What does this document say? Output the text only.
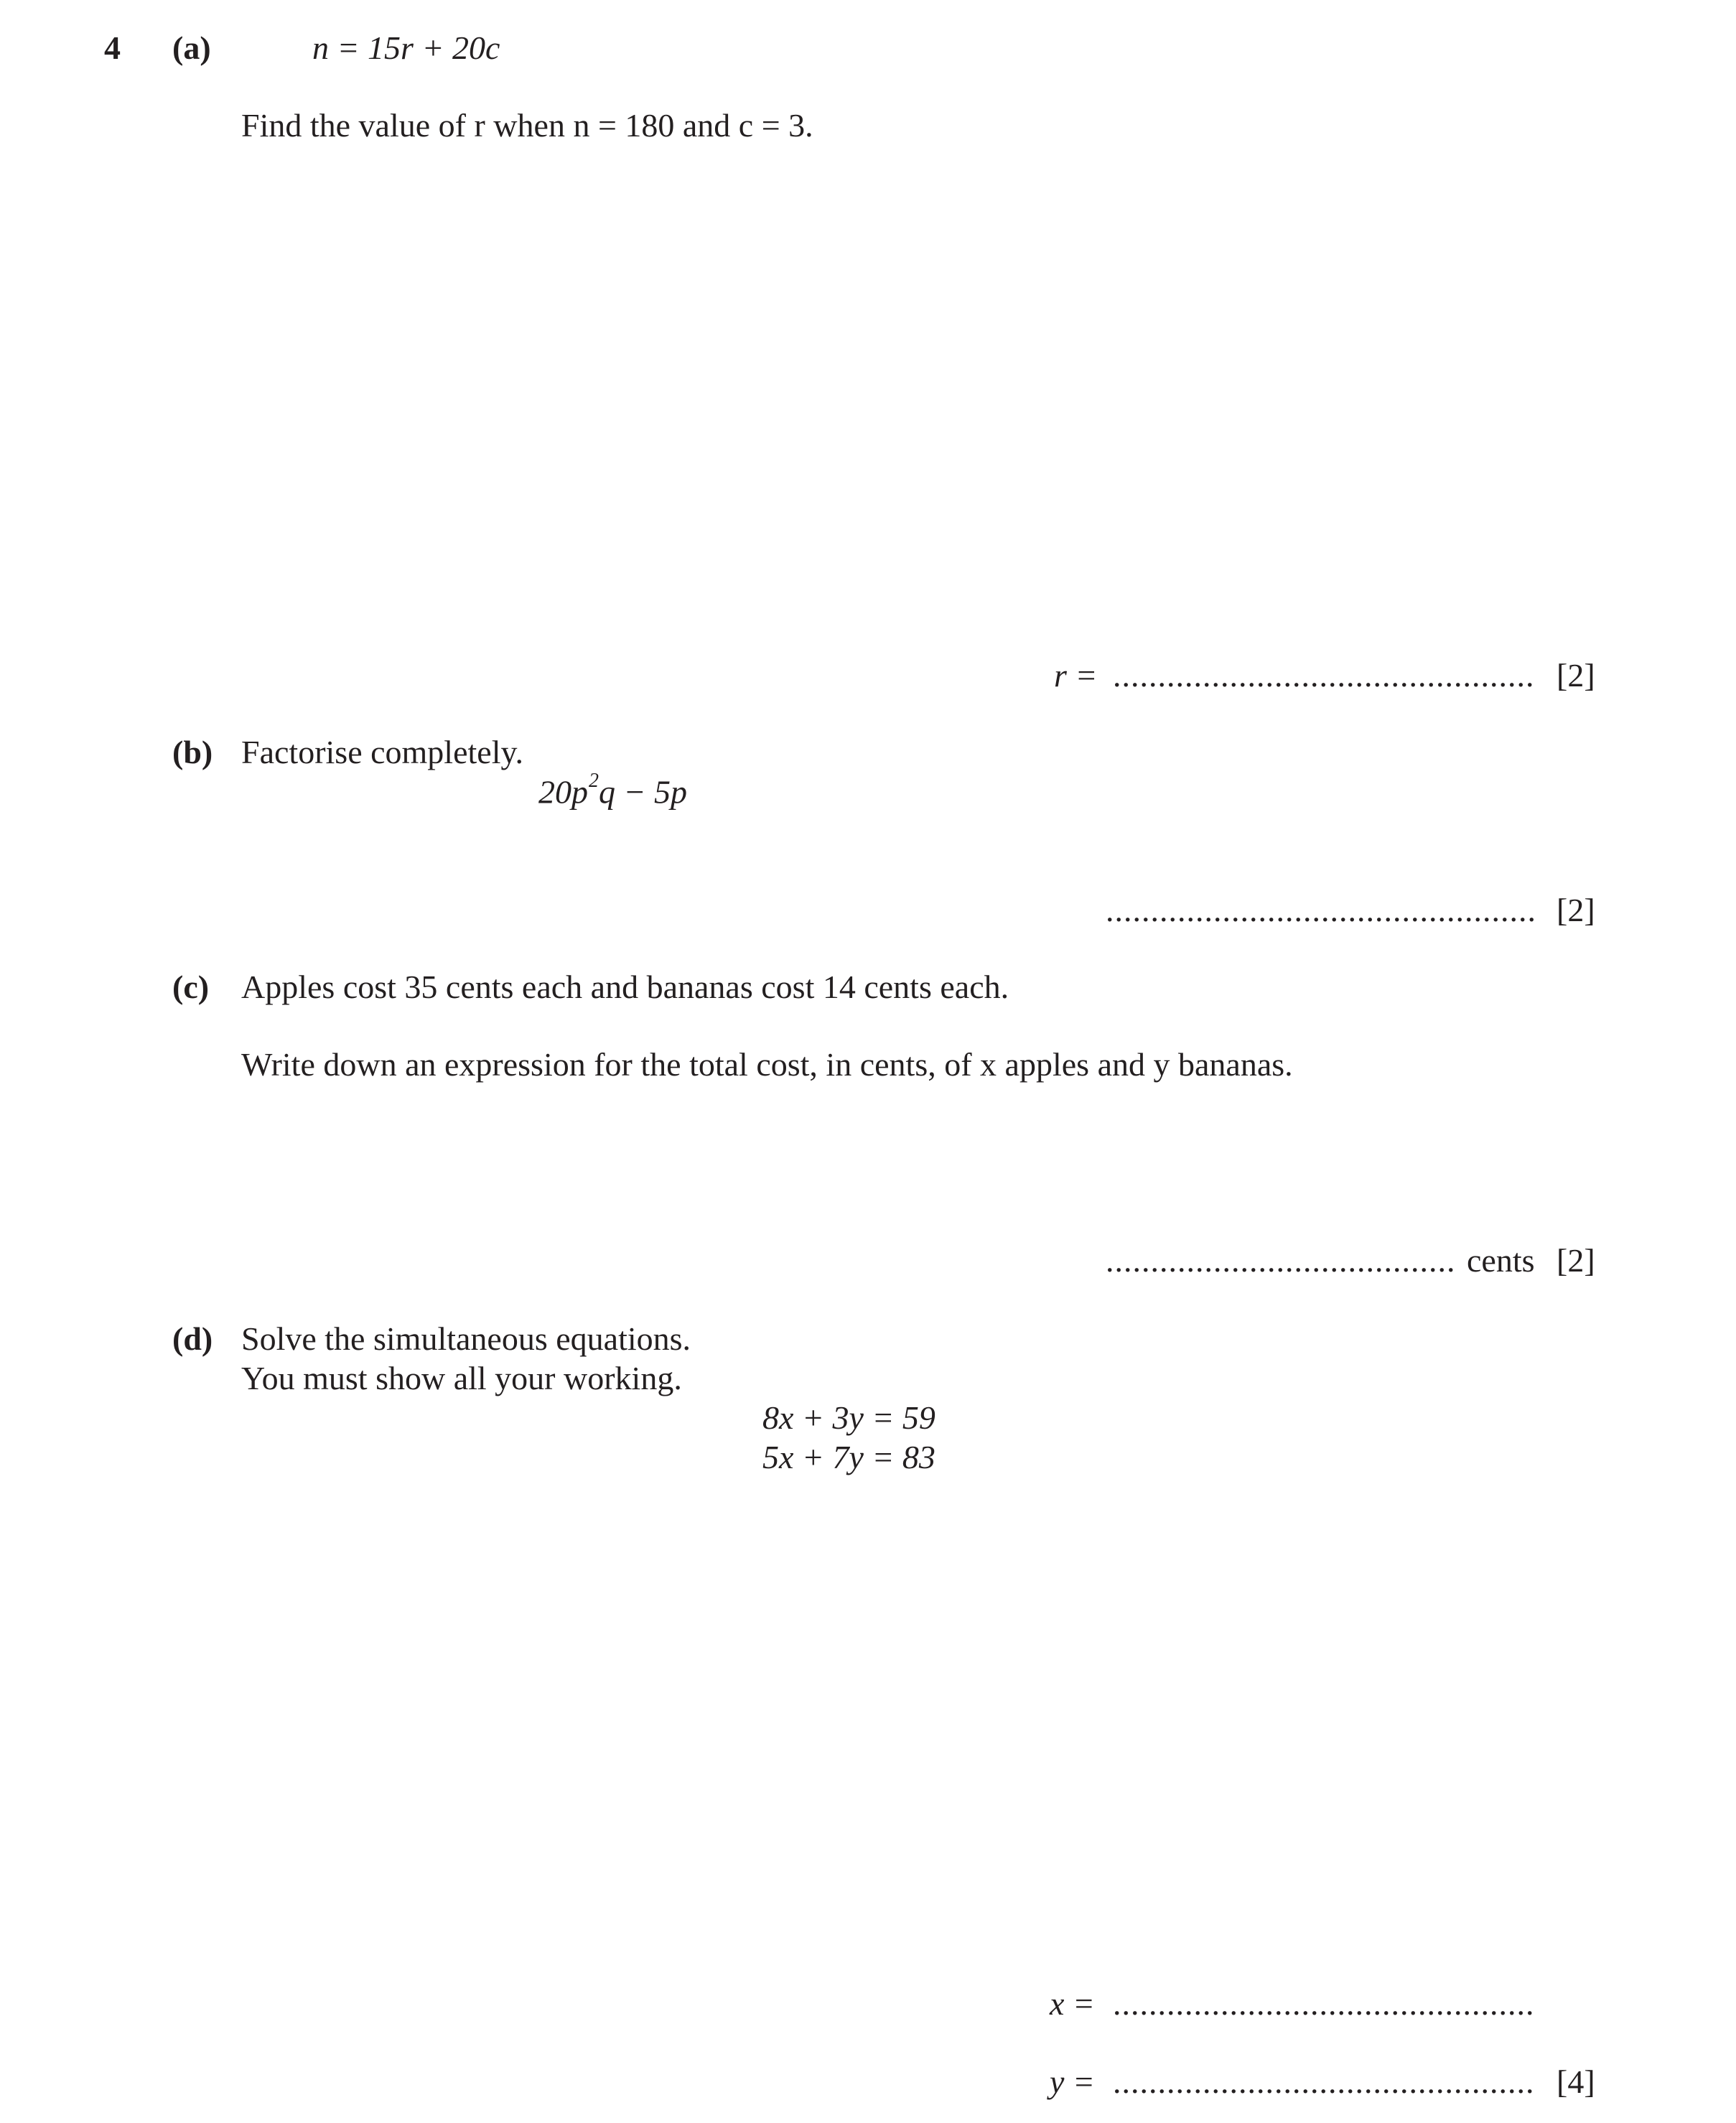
4 (a)	n = 15r + 20c
Find the value of r when n = 180 and c = 3.
r = ............................................... [2]
(b) Factorise completely.
$20p^2q - 5p$
................................................ [2]
(c) Apples cost 35 cents each and bananas cost 14 cents each.
Write down an expression for the total cost, in cents, of x apples and y bananas.
....................................... cents [2]
(d) Solve the simultaneous equations.
You must show all your working.
8x + 3y = 59
5x + 7y = 83
x = ...............................................
y = ............................................... [4]
